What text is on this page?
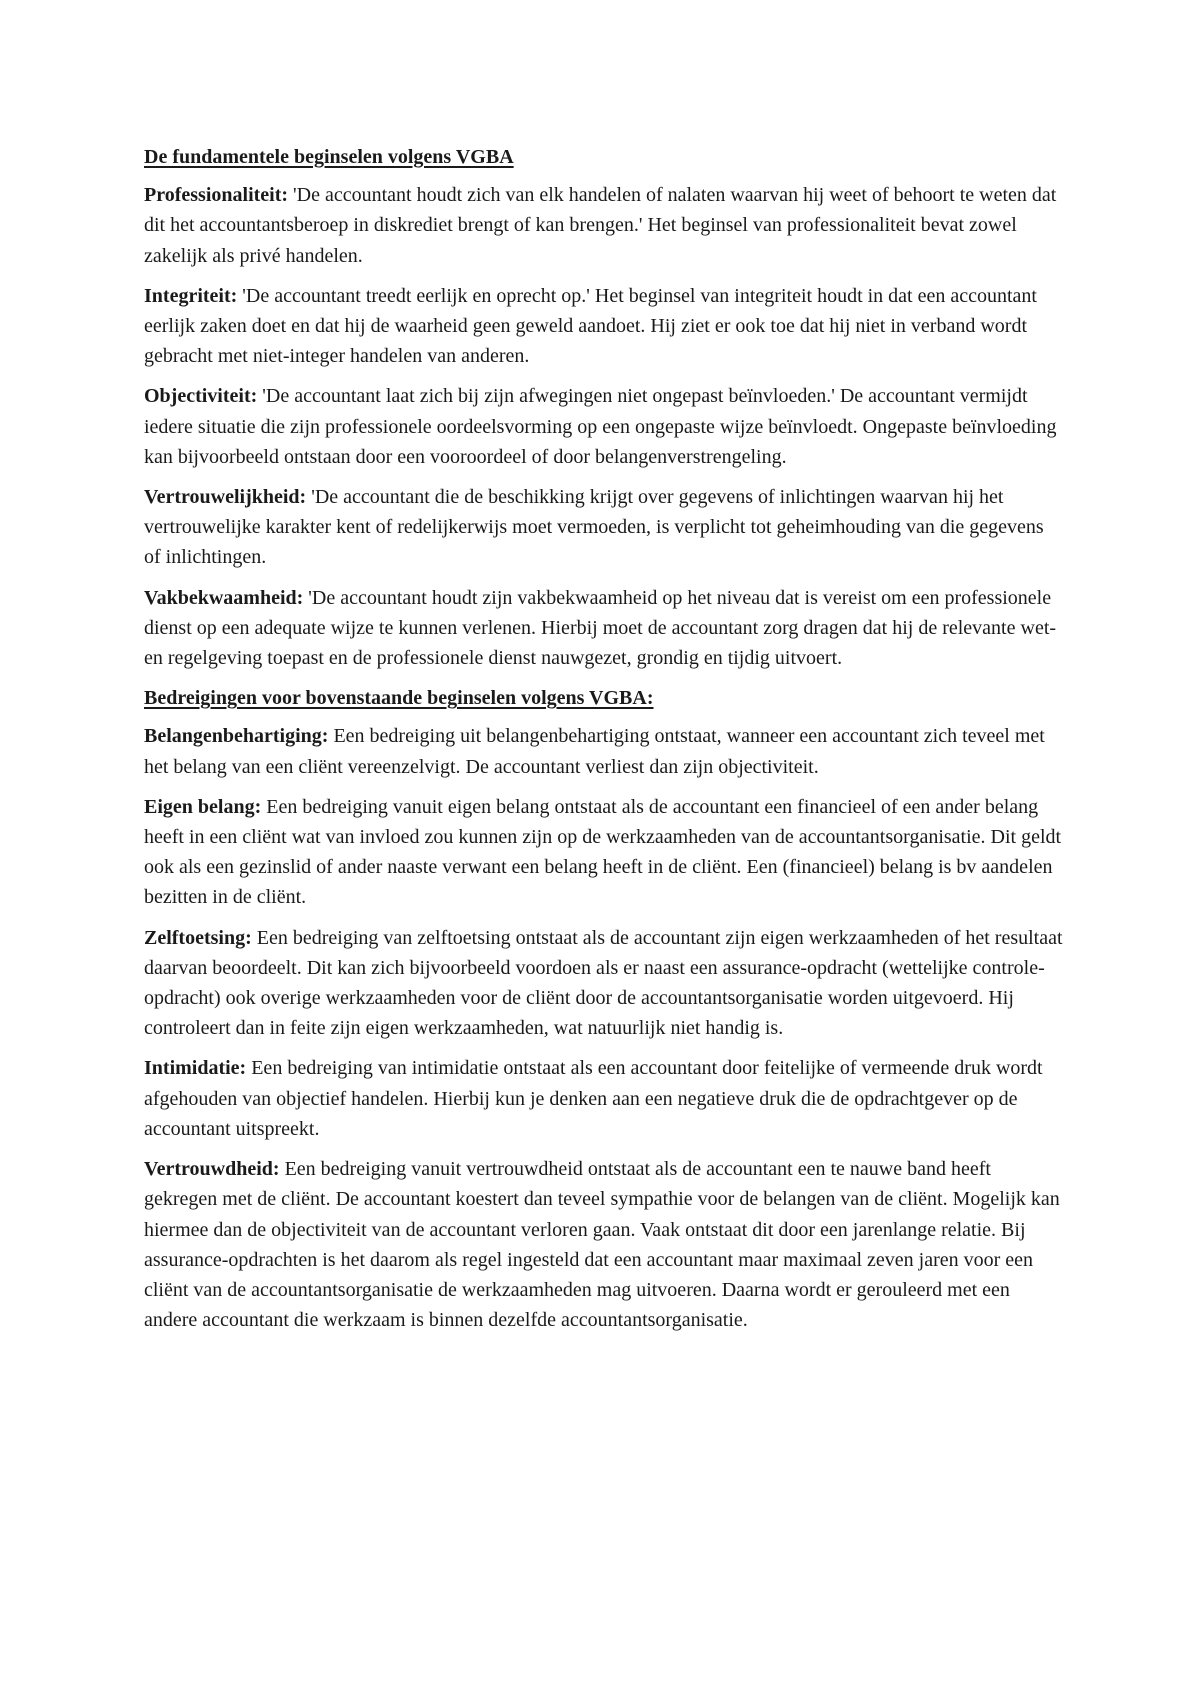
De fundamentele beginselen volgens VGBA

Professionaliteit: 'De accountant houdt zich van elk handelen of nalaten waarvan hij weet of behoort te weten dat dit het accountantsberoep in diskrediet brengt of kan brengen.' Het beginsel van professionaliteit bevat zowel zakelijk als privé handelen.

Integriteit: 'De accountant treedt eerlijk en oprecht op.' Het beginsel van integriteit houdt in dat een accountant eerlijk zaken doet en dat hij de waarheid geen geweld aandoet. Hij ziet er ook toe dat hij niet in verband wordt gebracht met niet-integer handelen van anderen.

Objectiviteit: 'De accountant laat zich bij zijn afwegingen niet ongepast beïnvloeden.' De accountant vermijdt iedere situatie die zijn professionele oordeelsvorming op een ongepaste wijze beïnvloedt. Ongepaste beïnvloeding kan bijvoorbeeld ontstaan door een vooroordeel of door belangenverstrengeling.

Vertrouwelijkheid: 'De accountant die de beschikking krijgt over gegevens of inlichtingen waarvan hij het vertrouwelijke karakter kent of redelijkerwijs moet vermoeden, is verplicht tot geheimhouding van die gegevens of inlichtingen.

Vakbekwaamheid: 'De accountant houdt zijn vakbekwaamheid op het niveau dat is vereist om een professionele dienst op een adequate wijze te kunnen verlenen. Hierbij moet de accountant zorg dragen dat hij de relevante wet- en regelgeving toepast en de professionele dienst nauwgezet, grondig en tijdig uitvoert.

Bedreigingen voor bovenstaande beginselen volgens VGBA:

Belangenbehartiging: Een bedreiging uit belangenbehartiging ontstaat, wanneer een accountant zich teveel met het belang van een cliënt vereenzelvigt. De accountant verliest dan zijn objectiviteit.

Eigen belang: Een bedreiging vanuit eigen belang ontstaat als de accountant een financieel of een ander belang heeft in een cliënt wat van invloed zou kunnen zijn op de werkzaamheden van de accountantsorganisatie. Dit geldt ook als een gezinslid of ander naaste verwant een belang heeft in de cliënt. Een (financieel) belang is bv aandelen bezitten in de cliënt.

Zelftoetsing: Een bedreiging van zelftoetsing ontstaat als de accountant zijn eigen werkzaamheden of het resultaat daarvan beoordeelt. Dit kan zich bijvoorbeeld voordoen als er naast een assurance-opdracht (wettelijke controle-opdracht) ook overige werkzaamheden voor de cliënt door de accountantsorganisatie worden uitgevoerd. Hij controleert dan in feite zijn eigen werkzaamheden, wat natuurlijk niet handig is.

Intimidatie: Een bedreiging van intimidatie ontstaat als een accountant door feitelijke of vermeende druk wordt afgehouden van objectief handelen. Hierbij kun je denken aan een negatieve druk die de opdrachtgever op de accountant uitspreekt.

Vertrouwdheid: Een bedreiging vanuit vertrouwdheid ontstaat als de accountant een te nauwe band heeft gekregen met de cliënt. De accountant koestert dan teveel sympathie voor de belangen van de cliënt. Mogelijk kan hiermee dan de objectiviteit van de accountant verloren gaan. Vaak ontstaat dit door een jarenlange relatie. Bij assurance-opdrachten is het daarom als regel ingesteld dat een accountant maar maximaal zeven jaren voor een cliënt van de accountantsorganisatie de werkzaamheden mag uitvoeren. Daarna wordt er gerouleerd met een andere accountant die werkzaam is binnen dezelfde accountantsorganisatie.
